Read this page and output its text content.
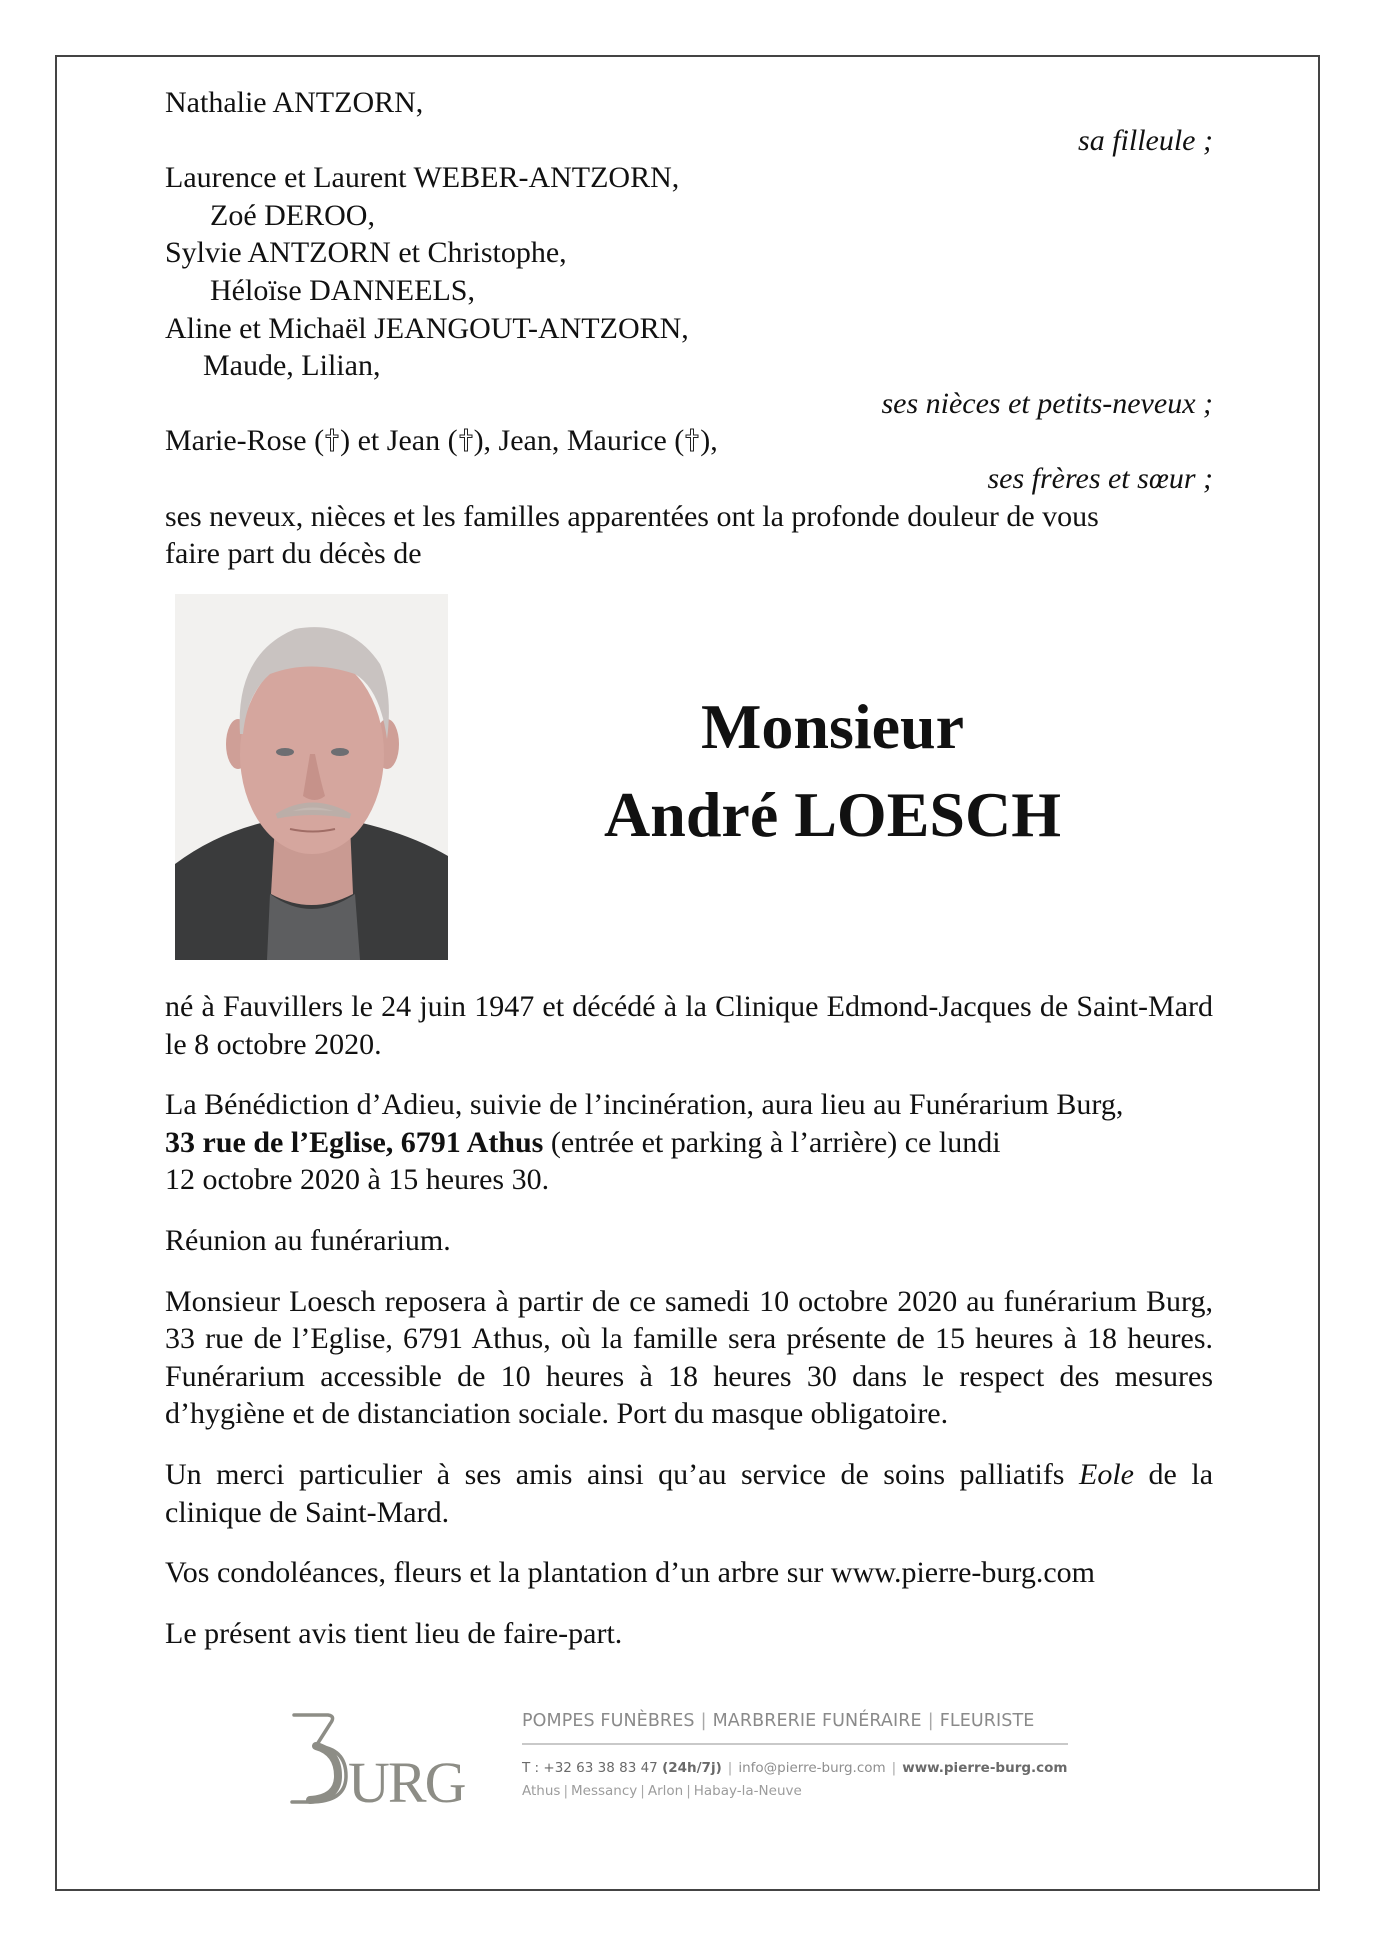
Nathalie ANTZORN,
sa filleule ;
Laurence et Laurent WEBER-ANTZORN,
Zoé DEROO,
Sylvie ANTZORN et Christophe,
Héloïse DANNEELS,
Aline et Michaël JEANGOUT-ANTZORN,
Maude, Lilian,
ses nièces et petits-neveux ;
Marie-Rose ( ) et Jean ( ), Jean, Maurice ( ),
ses frères et sœur ;
ses neveux, nièces et les familles apparentées ont la profonde douleur de vous
faire part du décès de
Monsieur
André LOESCH

né à Fauvillers le 24 juin 1947 et décédé à la Clinique Edmond-Jacques de Saint-Mard le 8 octobre 2020.

La Bénédiction d’Adieu, suivie de l’incinération, aura lieu au Funérarium Burg,
33 rue de l’Eglise, 6791 Athus (entrée et parking à l’arrière) ce lundi
12 octobre 2020 à 15 heures 30.

Réunion au funérarium.

Monsieur Loesch reposera à partir de ce samedi 10 octobre 2020 au funérarium Burg, 33 rue de l’Eglise, 6791 Athus, où la famille sera présente de 15 heures à 18 heures. Funérarium accessible de 10 heures à 18 heures 30 dans le respect des mesures d’hygiène et de distanciation sociale. Port du masque obligatoire.

Un merci particulier à ses amis ainsi qu’au service de soins palliatifs Eole de la clinique de Saint-Mard.

Vos condoléances, fleurs et la plantation d’un arbre sur www.pierre-burg.com

Le présent avis tient lieu de faire-part.

URG
POMPES FUNÈBRES | MARBRERIE FUNÉRAIRE | FLEURISTE
T : +32 63 38 83 47 (24h/7j) | info@pierre-burg.com | www.pierre-burg.com
Athus | Messancy | Arlon | Habay-la-Neuve
